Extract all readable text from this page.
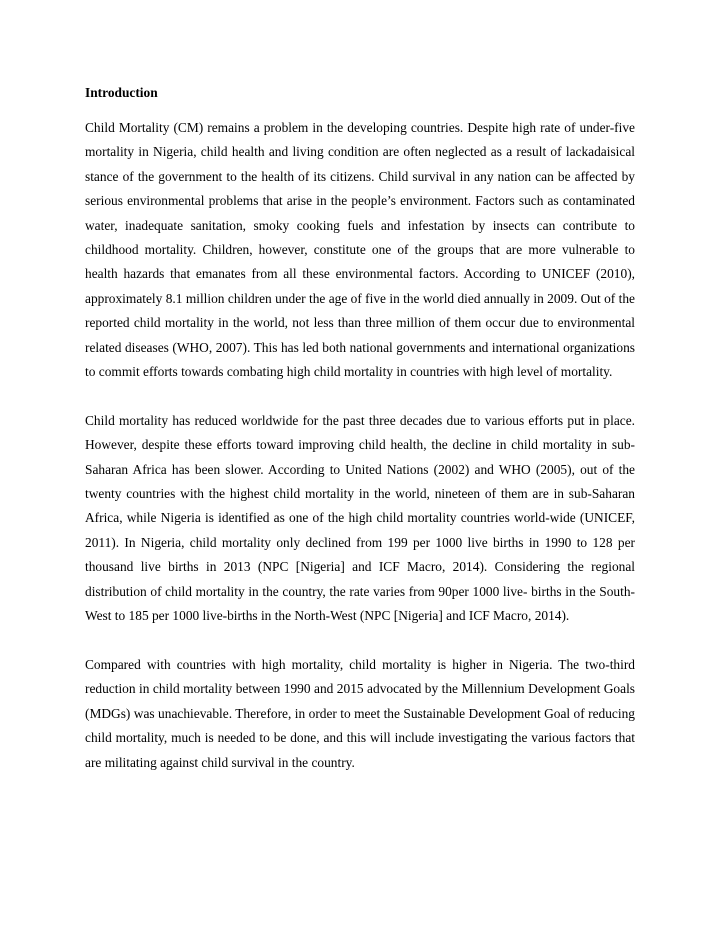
Introduction

Child Mortality (CM) remains a problem in the developing countries. Despite high rate of under-five mortality in Nigeria, child health and living condition are often neglected as a result of lackadaisical stance of the government to the health of its citizens. Child survival in any nation can be affected by serious environmental problems that arise in the people’s environment. Factors such as contaminated water, inadequate sanitation, smoky cooking fuels and infestation by insects can contribute to childhood mortality. Children, however, constitute one of the groups that are more vulnerable to health hazards that emanates from all these environmental factors. According to UNICEF (2010), approximately 8.1 million children under the age of five in the world died annually in 2009. Out of the reported child mortality in the world, not less than three million of them occur due to environmental related diseases (WHO, 2007). This has led both national governments and international organizations to commit efforts towards combating high child mortality in countries with high level of mortality.

Child mortality has reduced worldwide for the past three decades due to various efforts put in place. However, despite these efforts toward improving child health, the decline in child mortality in sub-Saharan Africa has been slower. According to United Nations (2002) and WHO (2005), out of the twenty countries with the highest child mortality in the world, nineteen of them are in sub-Saharan Africa, while Nigeria is identified as one of the high child mortality countries world-wide (UNICEF, 2011). In Nigeria, child mortality only declined from 199 per 1000 live births in 1990 to 128 per thousand live births in 2013 (NPC [Nigeria] and ICF Macro, 2014). Considering the regional distribution of child mortality in the country, the rate varies from 90per 1000 live- births in the South-West to 185 per 1000 live-births in the North-West (NPC [Nigeria] and ICF Macro, 2014).

Compared with countries with high mortality, child mortality is higher in Nigeria. The two-third reduction in child mortality between 1990 and 2015 advocated by the Millennium Development Goals (MDGs) was unachievable. Therefore, in order to meet the Sustainable Development Goal of reducing child mortality, much is needed to be done, and this will include investigating the various factors that are militating against child survival in the country.
